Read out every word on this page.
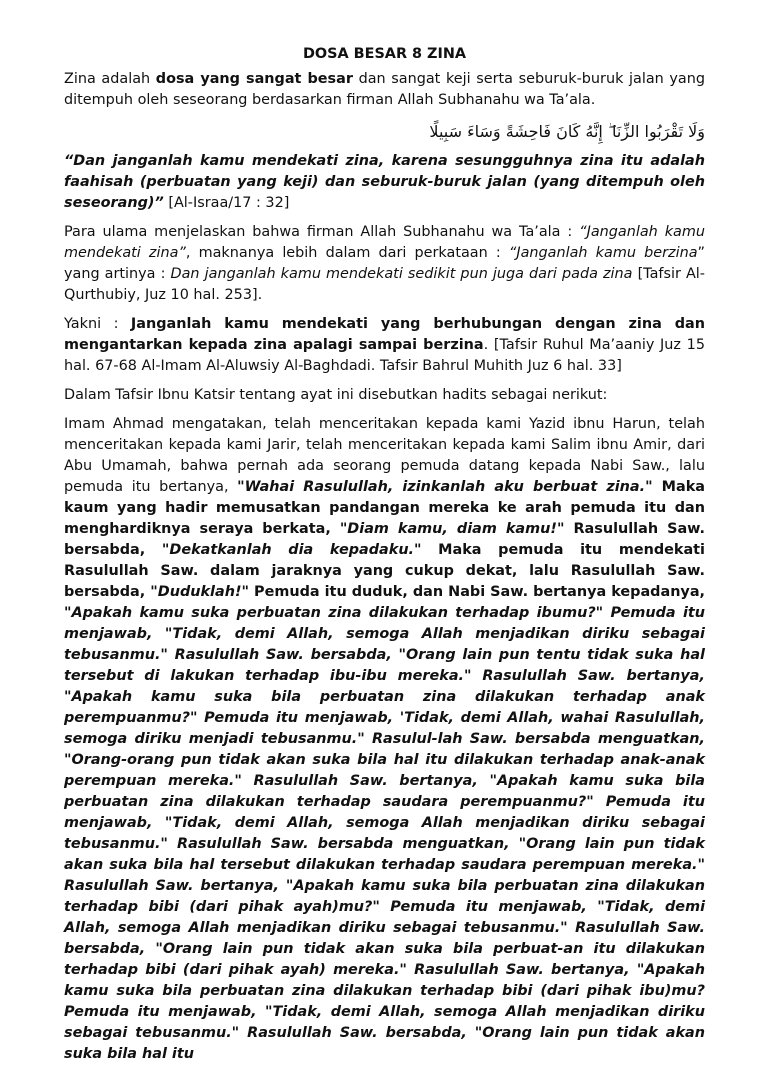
DOSA BESAR 8 ZINA

Zina adalah dosa yang sangat besar dan sangat keji serta seburuk-buruk jalan yang ditempuh oleh seseorang berdasarkan firman Allah Subhanahu wa Ta’ala.

وَلَا تَقْرَبُوا الزِّنَا ۖ إِنَّهُ كَانَ فَاحِشَةً وَسَاءَ سَبِيلًا

“Dan janganlah kamu mendekati zina, karena sesungguhnya zina itu adalah faahisah (perbuatan yang keji) dan seburuk-buruk jalan (yang ditempuh oleh seseorang)” [Al-Israa/17 : 32]

Para ulama menjelaskan bahwa firman Allah Subhanahu wa Ta’ala : “Janganlah kamu mendekati zina”, maknanya lebih dalam dari perkataan : “Janganlah kamu berzina” yang artinya : Dan janganlah kamu mendekati sedikit pun juga dari pada zina [Tafsir Al-Qurthubiy, Juz 10 hal. 253].

Yakni : Janganlah kamu mendekati yang berhubungan dengan zina dan mengantarkan kepada zina apalagi sampai berzina. [Tafsir Ruhul Ma’aaniy Juz 15 hal. 67-68 Al-Imam Al-Aluwsiy Al-Baghdadi. Tafsir Bahrul Muhith Juz 6 hal. 33]

Dalam Tafsir Ibnu Katsir tentang ayat ini disebutkan hadits sebagai nerikut:

Imam Ahmad mengatakan, telah menceritakan kepada kami Yazid ibnu Harun, telah menceritakan kepada kami Jarir, telah menceritakan kepada kami Salim ibnu Amir, dari Abu Umamah, bahwa pernah ada seorang pemuda datang kepada Nabi Saw., lalu pemuda itu bertanya, "Wahai Rasulullah, izinkanlah aku berbuat zina." Maka kaum yang hadir memusatkan pandangan mereka ke arah pemuda itu dan menghardiknya seraya berkata, "Diam kamu, diam kamu!" Rasulullah Saw. bersabda, "Dekatkanlah dia kepadaku." Maka pemuda itu mendekati Rasulullah Saw. dalam jaraknya yang cukup dekat, lalu Rasulullah Saw. bersabda, "Duduklah!" Pemuda itu duduk, dan Nabi Saw. bertanya kepadanya, "Apakah kamu suka perbuatan zina dilakukan terhadap ibumu?" Pemuda itu menjawab, "Tidak, demi Allah, semoga Allah menjadikan diriku sebagai tebusanmu." Rasulullah Saw. bersabda, "Orang lain pun tentu tidak suka hal tersebut di lakukan terhadap ibu-ibu mereka." Rasulullah Saw. bertanya, "Apakah kamu suka bila perbuatan zina dilakukan terhadap anak perempuanmu?" Pemuda itu menjawab, 'Tidak, demi Allah, wahai Rasulullah, semoga diriku menjadi tebusanmu." Rasulul-lah Saw. bersabda menguatkan, "Orang-orang pun tidak akan suka bila hal itu dilakukan terhadap anak-anak perempuan mereka." Rasulullah Saw. bertanya, "Apakah kamu suka bila perbuatan zina dilakukan terhadap saudara perempuanmu?" Pemuda itu menjawab, "Tidak, demi Allah, semoga Allah menjadikan diriku sebagai tebusanmu." Rasulullah Saw. bersabda menguatkan, "Orang lain pun tidak akan suka bila hal tersebut dilakukan terhadap saudara perempuan mereka." Rasulullah Saw. bertanya, "Apakah kamu suka bila perbuatan zina dilakukan terhadap bibi (dari pihak ayah)mu?" Pemuda itu menjawab, "Tidak, demi Allah, semoga Allah menjadikan diriku sebagai tebusanmu." Rasulullah Saw. bersabda, "Orang lain pun tidak akan suka bila perbuat-an itu dilakukan terhadap bibi (dari pihak ayah) mereka." Rasulullah Saw. bertanya, "Apakah kamu suka bila perbuatan zina dilakukan terhadap bibi (dari pihak ibu)mu? Pemuda itu menjawab, "Tidak, demi Allah, semoga Allah menjadikan diriku sebagai tebusanmu." Rasulullah Saw. bersabda, "Orang lain pun tidak akan suka bila hal itu
